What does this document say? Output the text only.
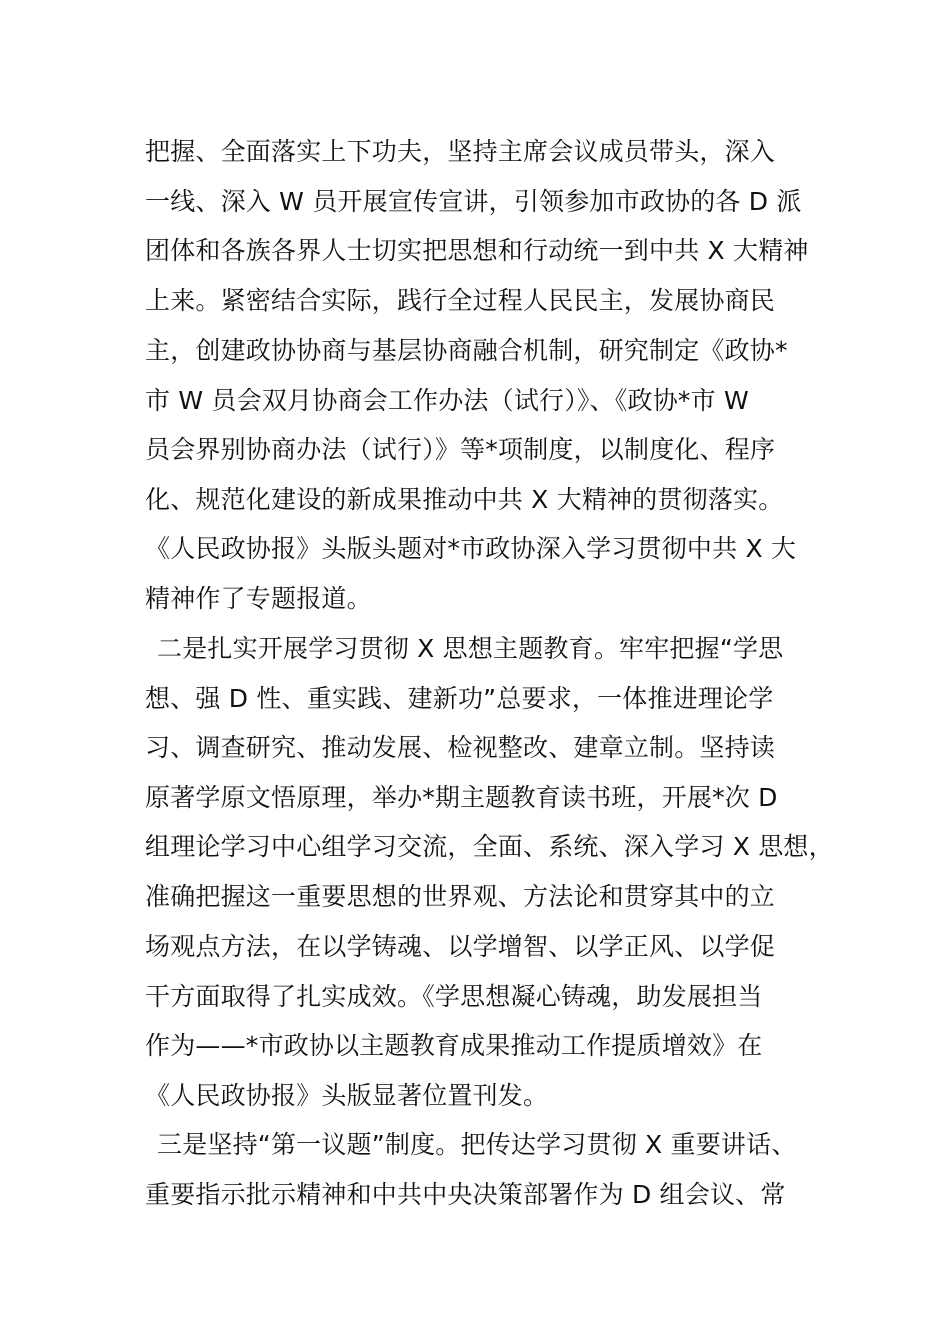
把握、全面落实上下功夫，坚持主席会议成员带头，深入
一线、深入 W 员开展宣传宣讲，引领参加市政协的各 D 派
团体和各族各界人士切实把思想和行动统一到中共 X 大精神
上来。紧密结合实际，践行全过程人民民主，发展协商民
主，创建政协协商与基层协商融合机制，研究制定《政协*
市 W 员会双月协商会工作办法（试行）》、《政协*市 W
员会界别协商办法（试行）》等*项制度，以制度化、程序
化、规范化建设的新成果推动中共 X 大精神的贯彻落实。
《人民政协报》头版头题对*市政协深入学习贯彻中共 X 大
精神作了专题报道。
二是扎实开展学习贯彻 X 思想主题教育。牢牢把握“学思
想、强 D 性、重实践、建新功”总要求，一体推进理论学
习、调查研究、推动发展、检视整改、建章立制。坚持读
原著学原文悟原理，举办*期主题教育读书班，开展*次 D
组理论学习中心组学习交流，全面、系统、深入学习 X 思想，
准确把握这一重要思想的世界观、方法论和贯穿其中的立
场观点方法，在以学铸魂、以学增智、以学正风、以学促
干方面取得了扎实成效。《学思想凝心铸魂，助发展担当
作为——*市政协以主题教育成果推动工作提质增效》在
《人民政协报》头版显著位置刊发。
三是坚持“第一议题”制度。把传达学习贯彻 X 重要讲话、
重要指示批示精神和中共中央决策部署作为 D 组会议、常
